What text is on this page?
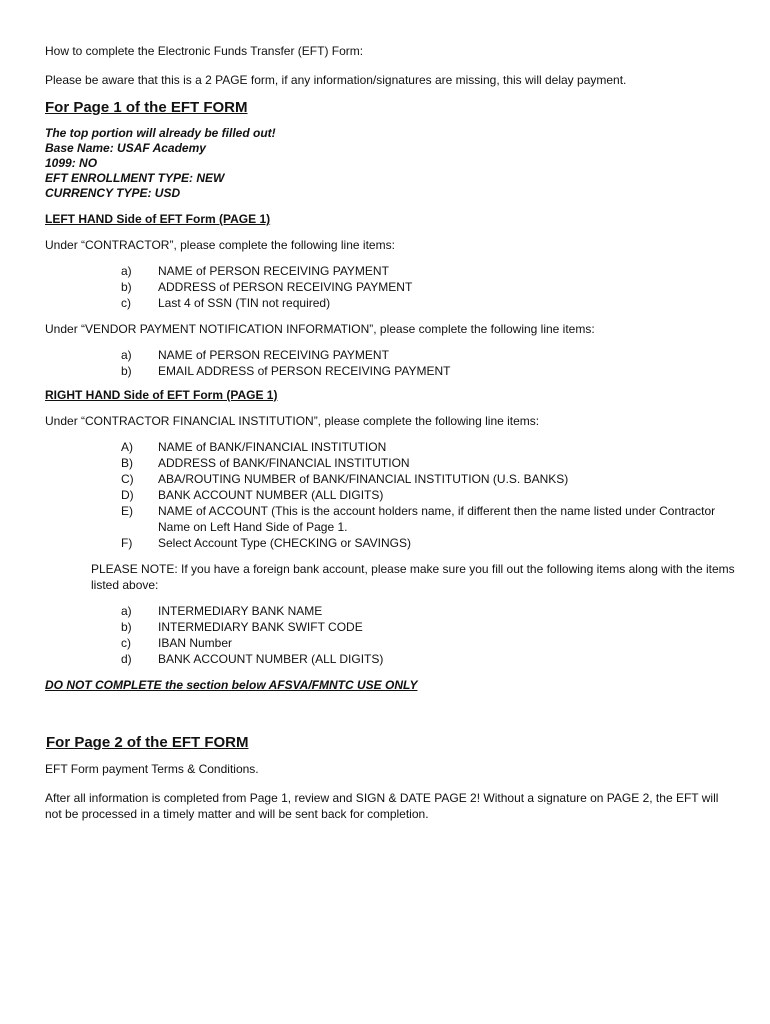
How to complete the Electronic Funds Transfer (EFT) Form:

Please be aware that this is a 2 PAGE form, if any information/signatures are missing, this will delay payment.

For Page 1 of the EFT FORM

The top portion will already be filled out!

Base Name: USAF Academy

1099: NO

EFT ENROLLMENT TYPE: NEW

CURRENCY TYPE: USD

LEFT HAND Side of EFT Form (PAGE 1)

Under “CONTRACTOR”, please complete the following line items:

a)	NAME of PERSON RECEIVING PAYMENT
b)	ADDRESS of PERSON RECEIVING PAYMENT
c)	Last 4 of SSN (TIN not required)

Under “VENDOR PAYMENT NOTIFICATION INFORMATION”, please complete the following line items:

a)	NAME of PERSON RECEIVING PAYMENT
b)	EMAIL ADDRESS of PERSON RECEIVING PAYMENT

RIGHT HAND Side of EFT Form (PAGE 1)

Under “CONTRACTOR FINANCIAL INSTITUTION”, please complete the following line items:

A)	NAME of BANK/FINANCIAL INSTITUTION
B)	ADDRESS of BANK/FINANCIAL INSTITUTION
C)	ABA/ROUTING NUMBER of BANK/FINANCIAL INSTITUTION (U.S. BANKS)
D)	BANK ACCOUNT NUMBER (ALL DIGITS)
E)	NAME of ACCOUNT (This is the account holders name, if different then the name listed under Contractor Name on Left Hand Side of Page 1.
F)	Select Account Type (CHECKING or SAVINGS)

PLEASE NOTE: If you have a foreign bank account, please make sure you fill out the following items along with the items listed above:

a)	INTERMEDIARY BANK NAME
b)	INTERMEDIARY BANK SWIFT CODE
c)	IBAN Number
d)	BANK ACCOUNT NUMBER (ALL DIGITS)

DO NOT COMPLETE the section below AFSVA/FMNTC USE ONLY

For Page 2 of the EFT FORM

EFT Form payment Terms & Conditions.

After all information is completed from Page 1, review and SIGN & DATE PAGE 2! Without a signature on PAGE 2, the EFT will not be processed in a timely matter and will be sent back for completion.
